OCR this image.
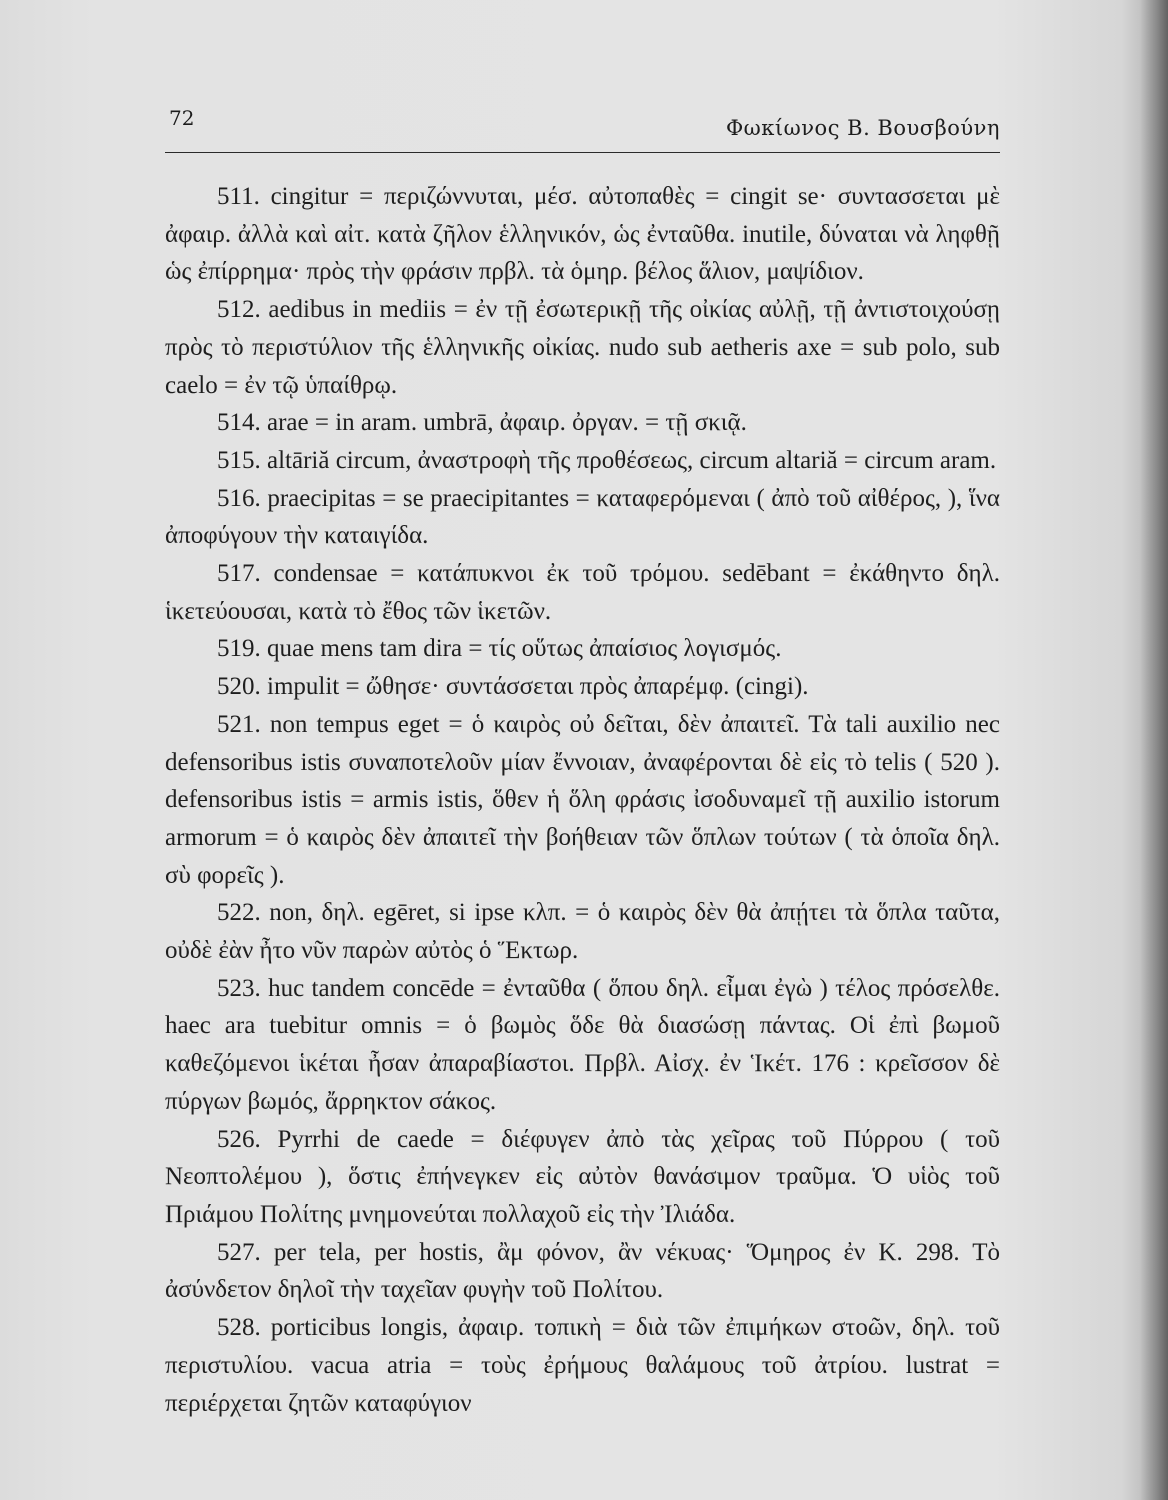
72	Φωκίωνος Β. Βουσβούνη

511. cingitur = περιζώννυται, μέσ. αὐτοπαθὲς = cingit se· συντασσεται μὲ ἀφαιρ. ἀλλὰ καὶ αἰτ. κατὰ ζῆλον ἑλληνικόν, ὡς ἐνταῦθα. inutile, δύναται νὰ ληφθῇ ὡς ἐπίρρημα· πρὸς τὴν φράσιν πρβλ. τὰ ὁμηρ. βέλος ἅλιον, μαψίδιον.

512. aedibus in mediis = ἐν τῇ ἐσωτερικῇ τῆς οἰκίας αὐλῇ, τῇ ἀντιστοιχούσῃ πρὸς τὸ περιστύλιον τῆς ἑλληνικῆς οἰκίας. nudo sub aetheris axe = sub polo, sub caelo = ἐν τῷ ὑπαίθρῳ.

514. arae = in aram. umbrā, ἀφαιρ. ὀργαν. = τῇ σκιᾷ.

515. altāriă circum, ἀναστροφὴ τῆς προθέσεως, circum altariă = circum aram.

516. praecipitas = se praecipitantes = καταφερόμεναι ( ἀπὸ τοῦ αἰθέρος, ), ἵνα ἀποφύγουν τὴν καταιγίδα.

517. condensae = κατάπυκνοι ἐκ τοῦ τρόμου. sedēbant = ἐκάθηντο δηλ. ἱκετεύουσαι, κατὰ τὸ ἔθος τῶν ἱκετῶν.

519. quae mens tam dira = τίς οὕτως ἀπαίσιος λογισμός.

520. impulit = ὤθησε· συντάσσεται πρὸς ἀπαρέμφ. (cingi).

521. non tempus eget = ὁ καιρὸς οὐ δεῖται, δὲν ἀπαιτεῖ. Τὰ tali auxilio nec defensoribus istis συναποτελοῦν μίαν ἔννοιαν, ἀναφέρονται δὲ εἰς τὸ telis ( 520 ). defensoribus istis = armis istis, ὅθεν ἡ ὅλη φράσις ἰσοδυναμεῖ τῇ auxilio istorum armorum = ὁ καιρὸς δὲν ἀπαιτεῖ τὴν βοήθειαν τῶν ὅπλων τούτων ( τὰ ὁποῖα δηλ. σὺ φορεῖς ).

522. non, δηλ. egēret, si ipse κλπ. = ὁ καιρὸς δὲν θὰ ἀπῄτει τὰ ὅπλα ταῦτα, οὐδὲ ἐὰν ἦτο νῦν παρὼν αὐτὸς ὁ Ἕκτωρ.

523. huc tandem concēde = ἐνταῦθα ( ὅπου δηλ. εἶμαι ἐγὼ ) τέλος πρόσελθε. haec ara tuebitur omnis = ὁ βωμὸς ὅδε θὰ διασώσῃ πάντας. Οἱ ἐπὶ βωμοῦ καθεζόμενοι ἱκέται ἦσαν ἀπαραβίαστοι. Πρβλ. Αἰσχ. ἐν Ἱκέτ. 176 : κρεῖσσον δὲ πύργων βωμός, ἄρρηκτον σάκος.

526. Pyrrhi de caede = διέφυγεν ἀπὸ τὰς χεῖρας τοῦ Πύρρου ( τοῦ Νεοπτολέμου ), ὅστις ἐπήνεγκεν εἰς αὐτὸν θανάσιμον τραῦμα. Ὁ υἱὸς τοῦ Πριάμου Πολίτης μνημονεύται πολλαχοῦ εἰς τὴν Ἰλιάδα.

527. per tela, per hostis, ἂμ φόνον, ἂν νέκυας· Ὅμηρος ἐν Κ. 298. Τὸ ἀσύνδετον δηλοῖ τὴν ταχεῖαν φυγὴν τοῦ Πολίτου.

528. porticibus longis, ἀφαιρ. τοπικὴ = διὰ τῶν ἐπιμήκων στοῶν, δηλ. τοῦ περιστυλίου. vacua atria = τοὺς ἐρήμους θαλάμους τοῦ ἀτρίου. lustrat = περιέρχεται ζητῶν καταφύγιον
